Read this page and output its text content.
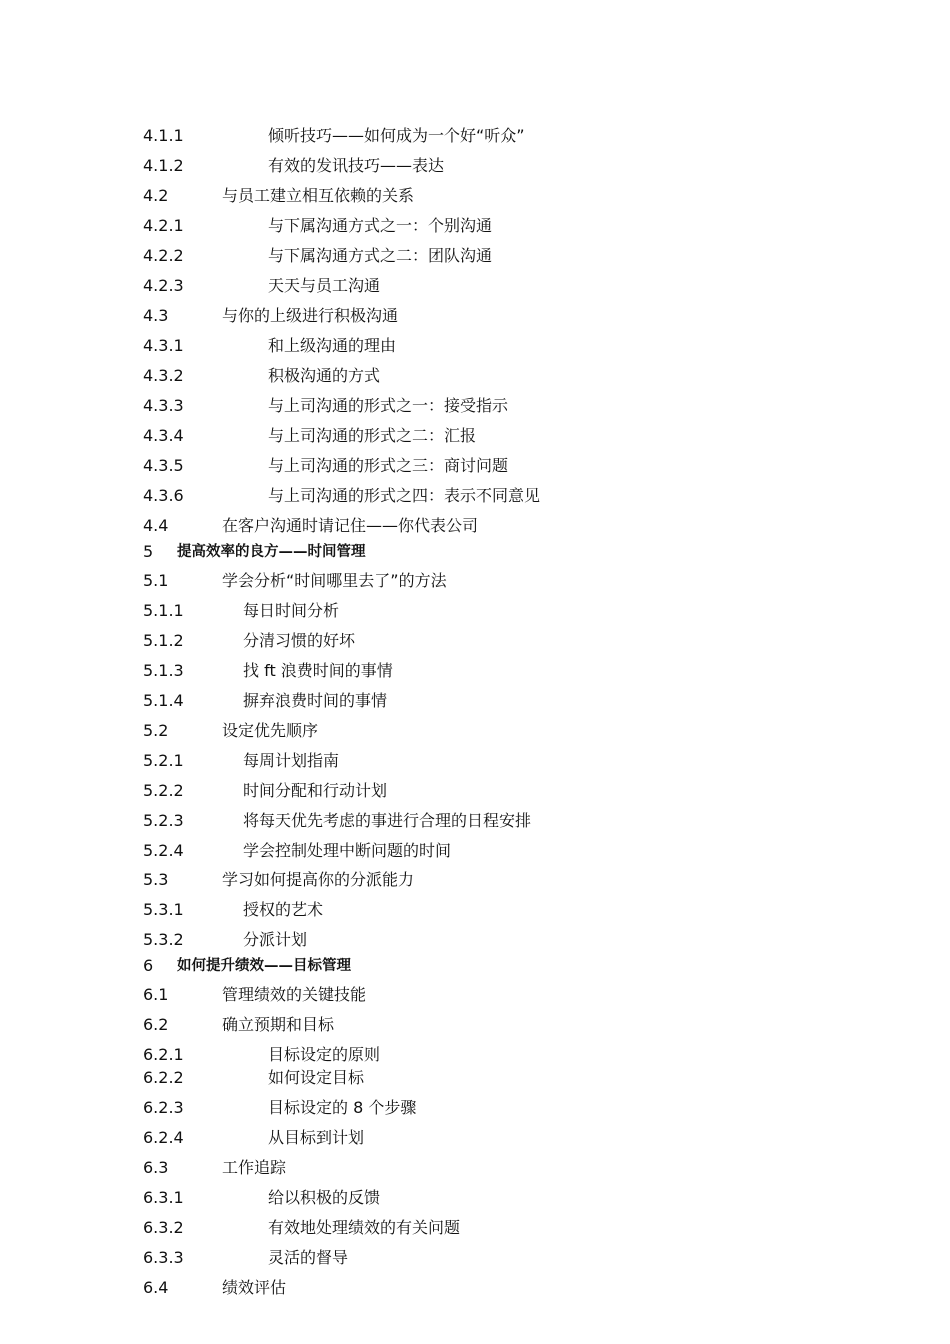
4.1.1	倾听技巧——如何成为一个好“听众”
4.1.2	有效的发讯技巧——表达
4.2	与员工建立相互依赖的关系
4.2.1	与下属沟通方式之一：个别沟通
4.2.2	与下属沟通方式之二：团队沟通
4.2.3	天天与员工沟通
4.3	与你的上级进行积极沟通
4.3.1	和上级沟通的理由
4.3.2	积极沟通的方式
4.3.3	与上司沟通的形式之一：接受指示
4.3.4	与上司沟通的形式之二：汇报
4.3.5	与上司沟通的形式之三：商讨问题
4.3.6	与上司沟通的形式之四：表示不同意见
4.4	在客户沟通时请记住——你代表公司
5 提高效率的良方——时间管理
5.1	学会分析“时间哪里去了”的方法
5.1.1	每日时间分析
5.1.2	分清习惯的好坏
5.1.3	找 ft 浪费时间的事情
5.1.4	摒弃浪费时间的事情
5.2	设定优先顺序
5.2.1	每周计划指南
5.2.2	时间分配和行动计划
5.2.3	将每天优先考虑的事进行合理的日程安排
5.2.4	学会控制处理中断问题的时间
5.3	学习如何提高你的分派能力
5.3.1	授权的艺术
5.3.2	分派计划
6 如何提升绩效——目标管理
6.1	管理绩效的关键技能
6.2	确立预期和目标
6.2.1	目标设定的原则
6.2.2	如何设定目标
6.2.3	目标设定的 8 个步骤
6.2.4	从目标到计划
6.3	工作追踪
6.3.1	给以积极的反馈
6.3.2	有效地处理绩效的有关问题
6.3.3	灵活的督导
6.4	绩效评估
